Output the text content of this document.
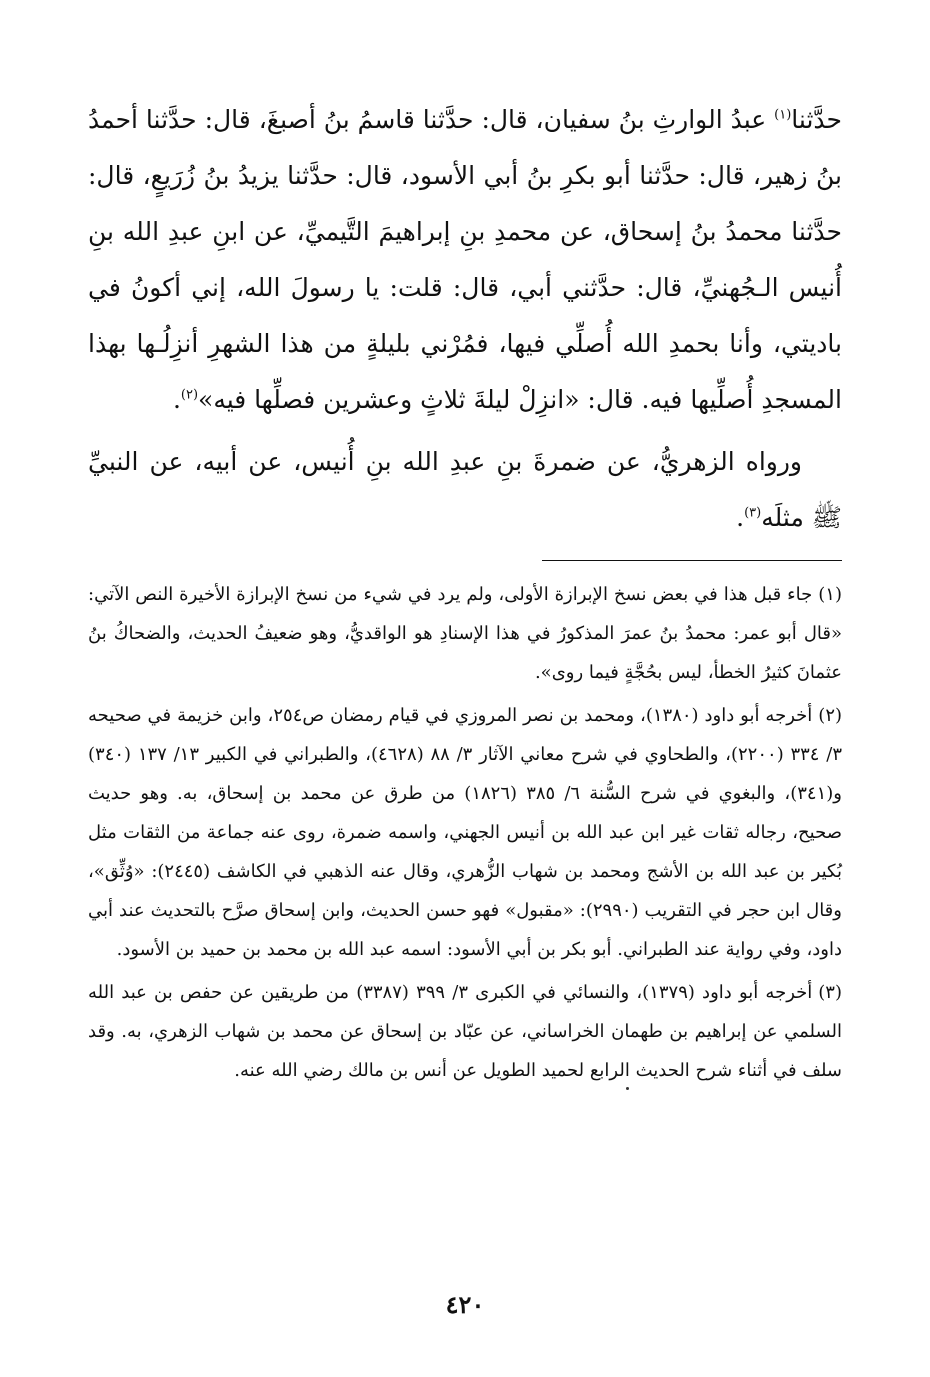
حدَّثنا$^{(١)}$ عبدُ الوارثِ بنُ سفيان، قال: حدَّثنا قاسمُ بنُ أصبغَ، قال: حدَّثنا أحمدُ بنُ زهير، قال: حدَّثنا أبو بكرِ بنُ أبي الأسود، قال: حدَّثنا يزيدُ بنُ زُرَيعٍ، قال: حدَّثنا محمدُ بنُ إسحاق، عن محمدِ بنِ إبراهيمَ التَّيميِّ، عن ابنِ عبدِ الله بنِ أُنيس الـجُهنيِّ، قال: حدَّثني أبي، قال: قلت: يا رسولَ الله، إني أكونُ في باديتي، وأنا بحمدِ الله أُصلِّي فيها، فمُرْني بليلةٍ من هذا الشهرِ أنزِلُـها بهذا المسجدِ أُصلِّيها فيه. قال: «انزِلْ ليلةَ ثلاثٍ وعشرين فصلِّها فيه»$^{(٢)}$.

ورواه الزهريُّ، عن ضمرةَ بنِ عبدِ الله بنِ أُنيس، عن أبيه، عن النبيِّ ﷺ مثلَه$^{(٣)}$.

(١)جاء قبل هذا في بعض نسخ الإبرازة الأولى، ولم يرد في شيء من نسخ الإبرازة الأخيرة النص الآتي: «قال أبو عمر: محمدُ بنُ عمرَ المذكورُ في هذا الإسنادِ هو الواقديُّ، وهو ضعيفُ الحديث، والضحاكُ بنُ عثمانَ كثيرُ الخطأ، ليس بحُجَّةٍ فيما روى».

(٢)أخرجه أبو داود (١٣٨٠)، ومحمد بن نصر المروزي في قيام رمضان ص٢٥٤، وابن خزيمة في صحيحه ٣/ ٣٣٤ (٢٢٠٠)، والطحاوي في شرح معاني الآثار ٣/ ٨٨ (٤٦٢٨)، والطبراني في الكبير ١٣/ ١٣٧ (٣٤٠) و(٣٤١)، والبغوي في شرح السُّنة ٦/ ٣٨٥ (١٨٢٦) من طرق عن محمد بن إسحاق، به. وهو حديث صحيح، رجاله ثقات غير ابن عبد الله بن أنيس الجهني، واسمه ضمرة، روى عنه جماعة من الثقات مثل بُكير بن عبد الله بن الأشج ومحمد بن شهاب الزُّهري، وقال عنه الذهبي في الكاشف (٢٤٤٥): «وُثِّق»، وقال ابن حجر في التقريب (٢٩٩٠): «مقبول» فهو حسن الحديث، وابن إسحاق صرَّح بالتحديث عند أبي داود، وفي رواية عند الطبراني. أبو بكر بن أبي الأسود: اسمه عبد الله بن محمد بن حميد بن الأسود.

(٣)أخرجه أبو داود (١٣٧٩)، والنسائي في الكبرى ٣/ ٣٩٩ (٣٣٨٧) من طريقين عن حفص بن عبد الله السلمي عن إبراهيم بن طهمان الخراساني، عن عبّاد بن إسحاق عن محمد بن شهاب الزهري، به. وقد سلف في أثناء شرح الحديث الرابع لحميد الطويل عن أنس بن مالك رضي الله عنه.

٤٢٠
